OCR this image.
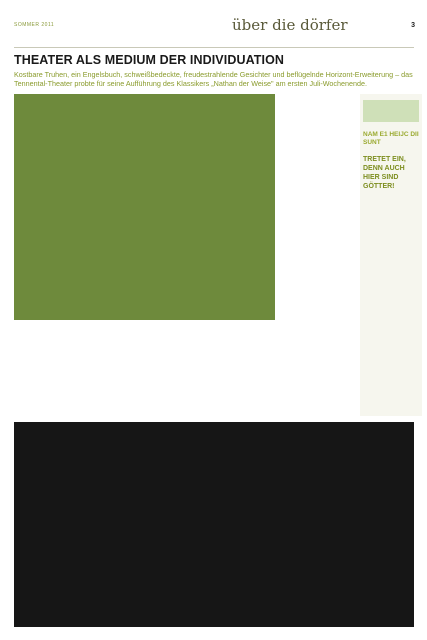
SOMMER 2011	über die dörfer	3
THEATER ALS MEDIUM DER INDIVIDUATION
Kostbare Truhen, ein Engelsbuch, schweißbedeckte, freudestrahlende Gesichter und beflügelnde Horizont-Erweiterung – das Tennental-Theater probte für seine Aufführung des Klassikers „Nathan der Weise" am ersten Juli-Wochenende.
NAM E1 HEIJC DII SUNT
TRETET EIN, DENN AUCH HIER SIND GÖTTER!
